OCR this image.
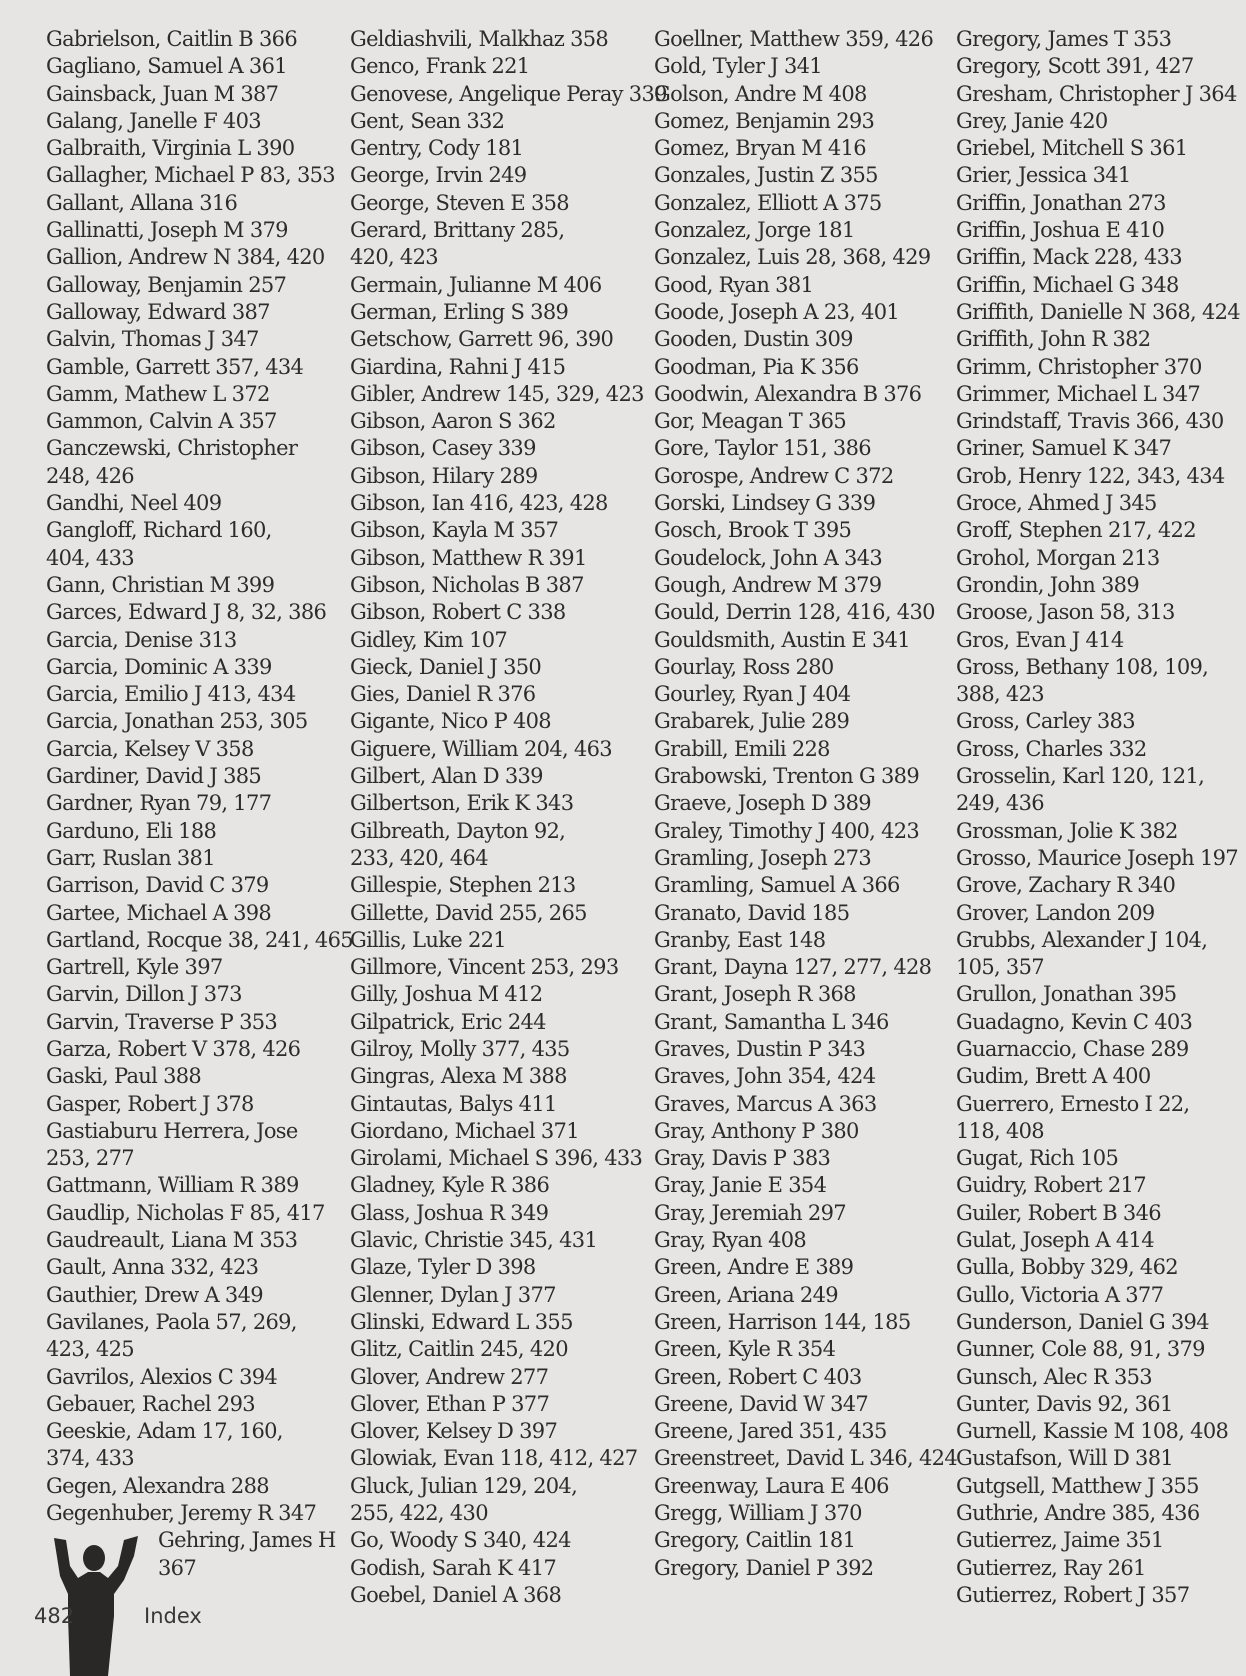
Gabrielson, Caitlin B 366
Gagliano, Samuel A 361
Gainsback, Juan M 387
Galang, Janelle F 403
Galbraith, Virginia L 390
Gallagher, Michael P 83, 353
Gallant, Allana 316
Gallinatti, Joseph M 379
Gallion, Andrew N 384, 420
Galloway, Benjamin 257
Galloway, Edward 387
Galvin, Thomas J 347
Gamble, Garrett 357, 434
Gamm, Mathew L 372
Gammon, Calvin A 357
Ganczewski, Christopher 248, 426
Gandhi, Neel 409
Gangloff, Richard 160, 404, 433
Gann, Christian M 399
Garces, Edward J 8, 32, 386
Garcia, Denise 313
Garcia, Dominic A 339
Garcia, Emilio J 413, 434
Garcia, Jonathan 253, 305
Garcia, Kelsey V 358
Gardiner, David J 385
Gardner, Ryan 79, 177
Garduno, Eli 188
Garr, Ruslan 381
Garrison, David C 379
Gartee, Michael A 398
Gartland, Rocque 38, 241, 465
Gartrell, Kyle 397
Garvin, Dillon J 373
Garvin, Traverse P 353
Garza, Robert V 378, 426
Gaski, Paul 388
Gasper, Robert J 378
Gastiaburu Herrera, Jose 253, 277
Gattmann, William R 389
Gaudlip, Nicholas F 85, 417
Gaudreault, Liana M 353
Gault, Anna 332, 423
Gauthier, Drew A 349
Gavilanes, Paola 57, 269, 423, 425
Gavrilos, Alexios C 394
Gebauer, Rachel 293
Geeskie, Adam 17, 160, 374, 433
Gegen, Alexandra 288
Gegenhuber, Jeremy R 347
Gehring, James H 367
Geldiashvili, Malkhaz 358
Genco, Frank 221
Genovese, Angelique Peray 339
Gent, Sean 332
Gentry, Cody 181
George, Irvin 249
George, Steven E 358
Gerard, Brittany 285, 420, 423
Germain, Julianne M 406
German, Erling S 389
Getschow, Garrett 96, 390
Giardina, Rahni J 415
Gibler, Andrew 145, 329, 423
Gibson, Aaron S 362
Gibson, Casey 339
Gibson, Hilary 289
Gibson, Ian 416, 423, 428
Gibson, Kayla M 357
Gibson, Matthew R 391
Gibson, Nicholas B 387
Gibson, Robert C 338
Gidley, Kim 107
Gieck, Daniel J 350
Gies, Daniel R 376
Gigante, Nico P 408
Giguere, William 204, 463
Gilbert, Alan D 339
Gilbertson, Erik K 343
Gilbreath, Dayton 92, 233, 420, 464
Gillespie, Stephen 213
Gillette, David 255, 265
Gillis, Luke 221
Gillmore, Vincent 253, 293
Gilly, Joshua M 412
Gilpatrick, Eric 244
Gilroy, Molly 377, 435
Gingras, Alexa M 388
Gintautas, Balys 411
Giordano, Michael 371
Girolami, Michael S 396, 433
Gladney, Kyle R 386
Glass, Joshua R 349
Glavic, Christie 345, 431
Glaze, Tyler D 398
Glenner, Dylan J 377
Glinski, Edward L 355
Glitz, Caitlin 245, 420
Glover, Andrew 277
Glover, Ethan P 377
Glover, Kelsey D 397
Glowiak, Evan 118, 412, 427
Gluck, Julian 129, 204, 255, 422, 430
Go, Woody S 340, 424
Godish, Sarah K 417
Goebel, Daniel A 368
Goellner, Matthew 359, 426
Gold, Tyler J 341
Golson, Andre M 408
Gomez, Benjamin 293
Gomez, Bryan M 416
Gonzales, Justin Z 355
Gonzalez, Elliott A 375
Gonzalez, Jorge 181
Gonzalez, Luis 28, 368, 429
Good, Ryan 381
Goode, Joseph A 23, 401
Gooden, Dustin 309
Goodman, Pia K 356
Goodwin, Alexandra B 376
Gor, Meagan T 365
Gore, Taylor 151, 386
Gorospe, Andrew C 372
Gorski, Lindsey G 339
Gosch, Brook T 395
Goudelock, John A 343
Gough, Andrew M 379
Gould, Derrin 128, 416, 430
Gouldsmith, Austin E 341
Gourlay, Ross 280
Gourley, Ryan J 404
Grabarek, Julie 289
Grabill, Emili 228
Grabowski, Trenton G 389
Graeve, Joseph D 389
Graley, Timothy J 400, 423
Gramling, Joseph 273
Gramling, Samuel A 366
Granato, David 185
Granby, East 148
Grant, Dayna 127, 277, 428
Grant, Joseph R 368
Grant, Samantha L 346
Graves, Dustin P 343
Graves, John 354, 424
Graves, Marcus A 363
Gray, Anthony P 380
Gray, Davis P 383
Gray, Janie E 354
Gray, Jeremiah 297
Gray, Ryan 408
Green, Andre E 389
Green, Ariana 249
Green, Harrison 144, 185
Green, Kyle R 354
Green, Robert C 403
Greene, David W 347
Greene, Jared 351, 435
Greenstreet, David L 346, 424
Greenway, Laura E 406
Gregg, William J 370
Gregory, Caitlin 181
Gregory, Daniel P 392
Gregory, James T 353
Gregory, Scott 391, 427
Gresham, Christopher J 364
Grey, Janie 420
Griebel, Mitchell S 361
Grier, Jessica 341
Griffin, Jonathan 273
Griffin, Joshua E 410
Griffin, Mack 228, 433
Griffin, Michael G 348
Griffith, Danielle N 368, 424
Griffith, John R 382
Grimm, Christopher 370
Grimmer, Michael L 347
Grindstaff, Travis 366, 430
Griner, Samuel K 347
Grob, Henry 122, 343, 434
Groce, Ahmed J 345
Groff, Stephen 217, 422
Grohol, Morgan 213
Grondin, John 389
Groose, Jason 58, 313
Gros, Evan J 414
Gross, Bethany 108, 109, 388, 423
Gross, Carley 383
Gross, Charles 332
Grosselin, Karl 120, 121, 249, 436
Grossman, Jolie K 382
Grosso, Maurice Joseph 197
Grove, Zachary R 340
Grover, Landon 209
Grubbs, Alexander J 104, 105, 357
Grullon, Jonathan 395
Guadagno, Kevin C 403
Guarnaccio, Chase 289
Gudim, Brett A 400
Guerrero, Ernesto I 22, 118, 408
Gugat, Rich 105
Guidry, Robert 217
Guiler, Robert B 346
Gulat, Joseph A 414
Gulla, Bobby 329, 462
Gullo, Victoria A 377
Gunderson, Daniel G 394
Gunner, Cole 88, 91, 379
Gunsch, Alec R 353
Gunter, Davis 92, 361
Gurnell, Kassie M 108, 408
Gustafson, Will D 381
Gutgsell, Matthew J 355
Guthrie, Andre 385, 436
Gutierrez, Jaime 351
Gutierrez, Ray 261
Gutierrez, Robert J 357
482	Index
